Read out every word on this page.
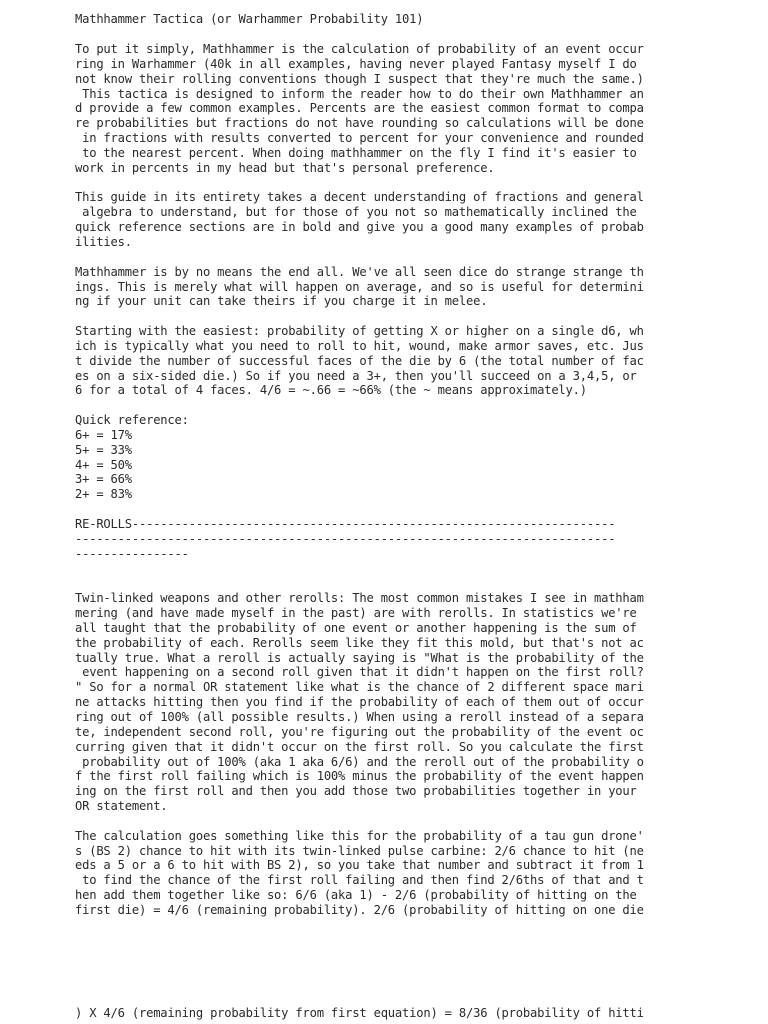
Mathhammer Tactica (or Warhammer Probability 101)
To put it simply, Mathhammer is the calculation of probability of an event occur
ring in Warhammer (40k in all examples, having never played Fantasy myself I do
not know their rolling conventions though I suspect that they're much the same.)
This tactica is designed to inform the reader how to do their own Mathhammer an
d provide a few common examples. Percents are the easiest common format to compa
re probabilities but fractions do not have rounding so calculations will be done
in fractions with results converted to percent for your convenience and rounded
to the nearest percent. When doing mathhammer on the fly I find it's easier to
work in percents in my head but that's personal preference.
This guide in its entirety takes a decent understanding of fractions and general
algebra to understand, but for those of you not so mathematically inclined the
quick reference sections are in bold and give you a good many examples of probab
ilities.
Mathhammer is by no means the end all. We've all seen dice do strange strange th
ings. This is merely what will happen on average, and so is useful for determini
ng if your unit can take theirs if you charge it in melee.
Starting with the easiest: probability of getting X or higher on a single d6, wh
ich is typically what you need to roll to hit, wound, make armor saves, etc. Jus
t divide the number of successful faces of the die by 6 (the total number of fac
es on a six-sided die.) So if you need a 3+, then you'll succeed on a 3,4,5, or
6 for a total of 4 faces. 4/6 = ~.66 = ~66% (the ~ means approximately.)
Quick reference:
6+ = 17%
5+ = 33%
4+ = 50%
3+ = 66%
2+ = 83%
RE-ROLLS--------------------------------------------------------------------
----------------------------------------------------------------------------
----------------
Twin-linked weapons and other rerolls: The most common mistakes I see in mathham
mering (and have made myself in the past) are with rerolls. In statistics we're
all taught that the probability of one event or another happening is the sum of
the probability of each. Rerolls seem like they fit this mold, but that's not ac
tually true. What a reroll is actually saying is "What is the probability of the
event happening on a second roll given that it didn't happen on the first roll?
" So for a normal OR statement like what is the chance of 2 different space mari
ne attacks hitting then you find if the probability of each of them out of occur
ring out of 100% (all possible results.) When using a reroll instead of a separa
te, independent second roll, you're figuring out the probability of the event oc
curring given that it didn't occur on the first roll. So you calculate the first
probability out of 100% (aka 1 aka 6/6) and the reroll out of the probability o
f the first roll failing which is 100% minus the probability of the event happen
ing on the first roll and then you add those two probabilities together in your
OR statement.
The calculation goes something like this for the probability of a tau gun drone'
s (BS 2) chance to hit with its twin-linked pulse carbine: 2/6 chance to hit (ne
eds a 5 or a 6 to hit with BS 2), so you take that number and subtract it from 1
to find the chance of the first roll failing and then find 2/6ths of that and t
hen add them together like so: 6/6 (aka 1) - 2/6 (probability of hitting on the
first die) = 4/6 (remaining probability). 2/6 (probability of hitting on one die
) X 4/6 (remaining probability from first equation) = 8/36 (probability of hitti
